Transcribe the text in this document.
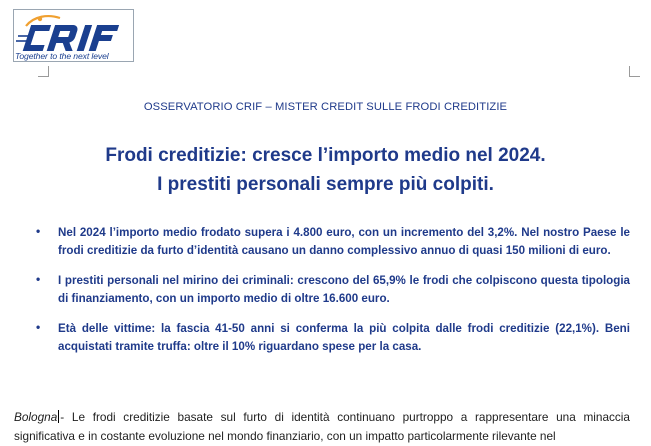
Together to the next level
OSSERVATORIO CRIF – MISTER CREDIT SULLE FRODI CREDITIZIE
Frodi creditizie: cresce l’importo medio nel 2024.
I prestiti personali sempre più colpiti.
• Nel 2024 l’importo medio frodato supera i 4.800 euro, con un incremento del 3,2%. Nel nostro Paese le frodi creditizie da furto d’identità causano un danno complessivo annuo di quasi 150 milioni di euro.
• I prestiti personali nel mirino dei criminali: crescono del 65,9% le frodi che colpiscono questa tipologia di finanziamento, con un importo medio di oltre 16.600 euro.
• Età delle vittime: la fascia 41-50 anni si conferma la più colpita dalle frodi creditizie (22,1%). Beni acquistati tramite truffa: oltre il 10% riguardano spese per la casa.
Bologna - Le frodi creditizie basate sul furto di identità continuano purtroppo a rappresentare una minaccia significativa e in costante evoluzione nel mondo finanziario, con un impatto particolarmente rilevante nel
